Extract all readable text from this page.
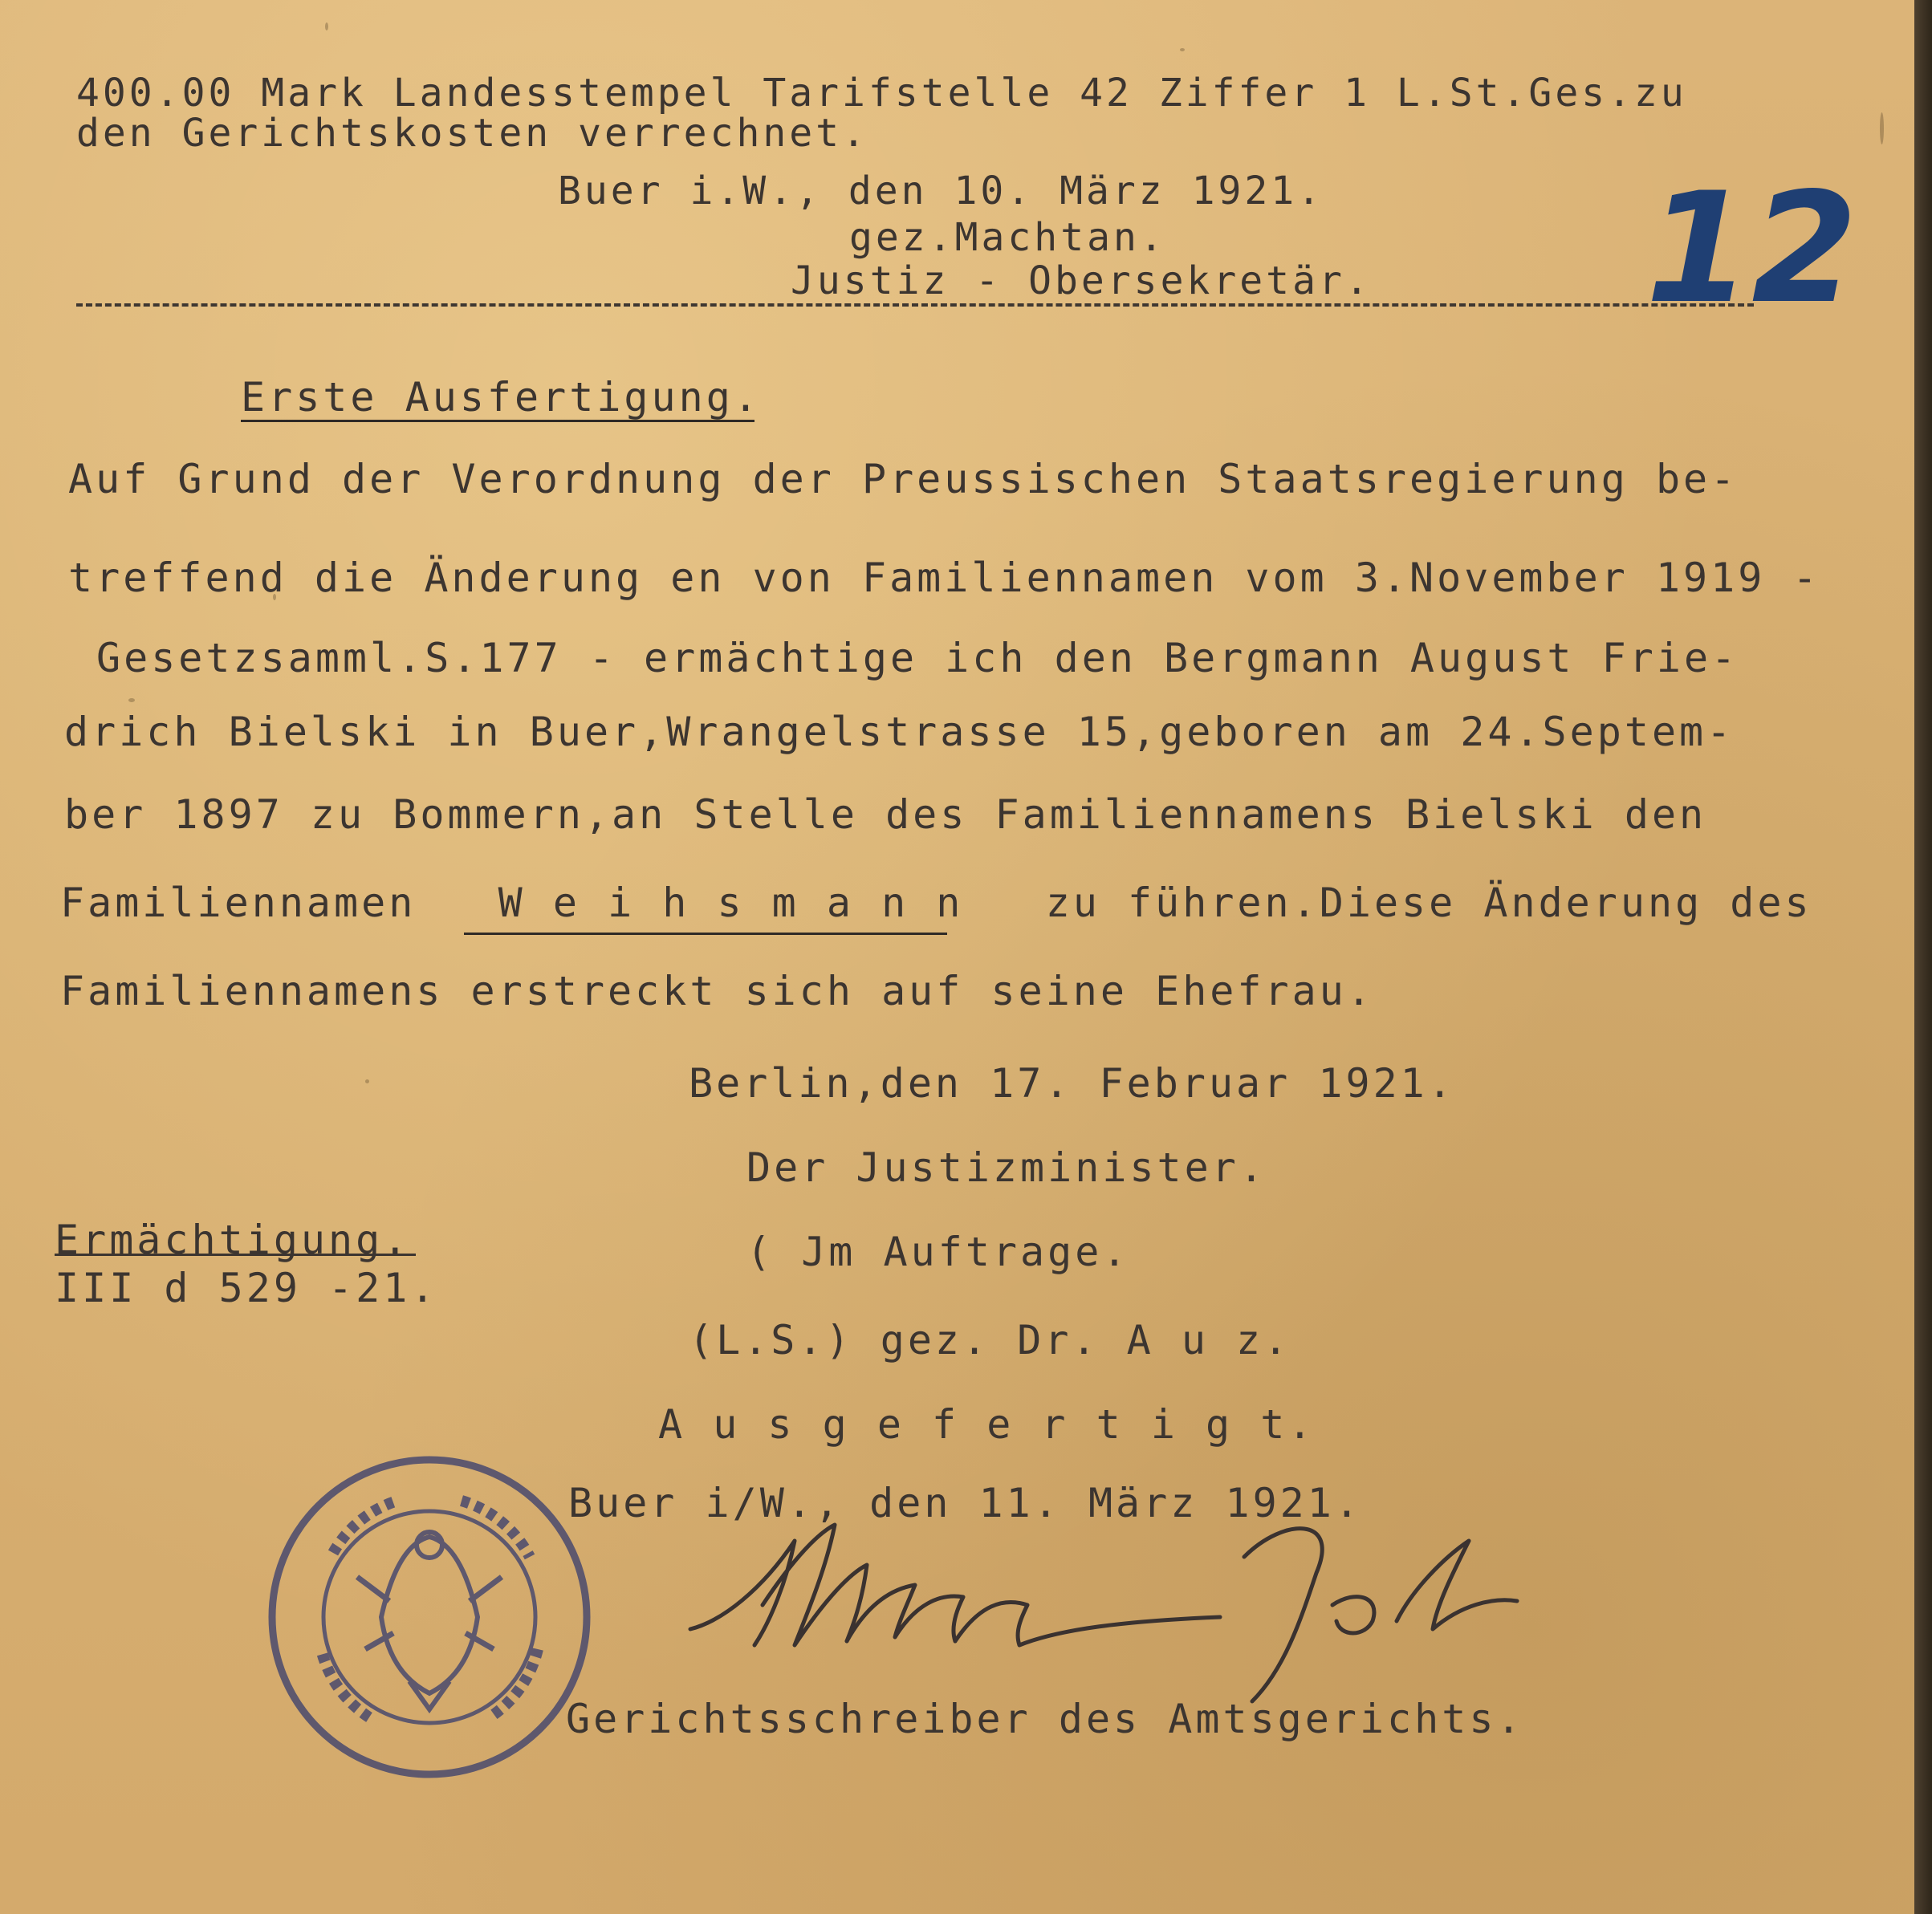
400.00 Mark Landesstempel Tarifstelle 42 Ziffer 1 L.St.Ges.zu
den Gerichtskosten verrechnet.
Buer i.W., den 10. März 1921.
gez.Machtan.
Justiz - Obersekretär. 12
Erste Ausfertigung.
Auf Grund der Verordnung der Preussischen Staatsregierung be-
treffend die Änderung en von Familiennamen vom 3.November 1919 -
Gesetzsamml.S.177 - ermächtige ich den Bergmann August Frie-
drich Bielski in Buer,Wrangelstrasse 15,geboren am 24.Septem-
ber 1897 zu Bommern,an Stelle des Familiennamens Bielski den
Familiennamen W e i h s m a n n zu führen.Diese Änderung des
Familiennamens erstreckt sich auf seine Ehefrau.
Berlin,den 17. Februar 1921.
Der Justizminister.
( Jm Auftrage.
(L.S.) gez. Dr. A u z.
Ermächtigung.
III d 529 -21.
A u s g e f e r t i g t.
Buer i/W., den 11. März 1921.
Gerichtsschreiber des Amtsgerichts.
